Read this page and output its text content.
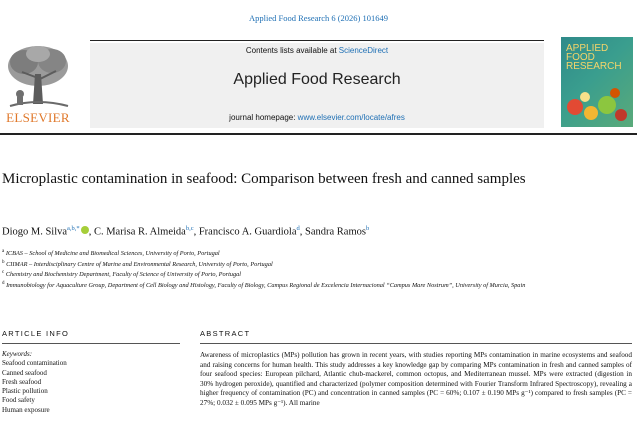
Applied Food Research 6 (2026) 101649
ELSEVIER
Contents lists available at ScienceDirect
Applied Food Research
journal homepage: www.elsevier.com/locate/afres
APPLIED
FOOD
RESEARCH
Microplastic contamination in seafood: Comparison between fresh and canned samples
Diogo M. Silva$^{a,b,*}$ , C. Marisa R. Almeida$^{b,c}$, Francisco A. Guardiola$^d$, Sandra Ramos$^b$
$^a$ ICBAS – School of Medicine and Biomedical Sciences, University of Porto, Portugal
$^b$ CIIMAR – Interdisciplinary Centre of Marine and Environmental Research, University of Porto, Portugal
$^c$ Chemistry and Biochemistry Department, Faculty of Science of University of Porto, Portugal
$^d$ Immunobiology for Aquaculture Group, Department of Cell Biology and Histology, Faculty of Biology, Campus Regional de Excelencia Internacional “Campus Mare Nostrum”, University of Murcia, Spain
ARTICLE INFO	ABSTRACT
Keywords:
Seafood contamination
Canned seafood
Fresh seafood
Plastic pollution
Food safety
Human exposure
Awareness of microplastics (MPs) pollution has grown in recent years, with studies reporting MPs contamination in marine ecosystems and seafood and raising concerns for human health. This study addresses a key knowledge gap by comparing MPs contamination in fresh and canned samples of four seafood species: European pilchard, Atlantic chub-mackerel, common octopus, and Mediterranean mussel. MPs were extracted (digestion in 30% hydrogen peroxide), quantified and characterized (polymer composition determined with Fourier Transform Infrared Spectroscopy), revealing a higher frequency of contamination (PC) and concentration in canned samples (PC = 60%; 0.107 ± 0.190 MPs g⁻¹) compared to fresh samples (PC = 27%; 0.032 ± 0.095 MPs g⁻¹). All marine
